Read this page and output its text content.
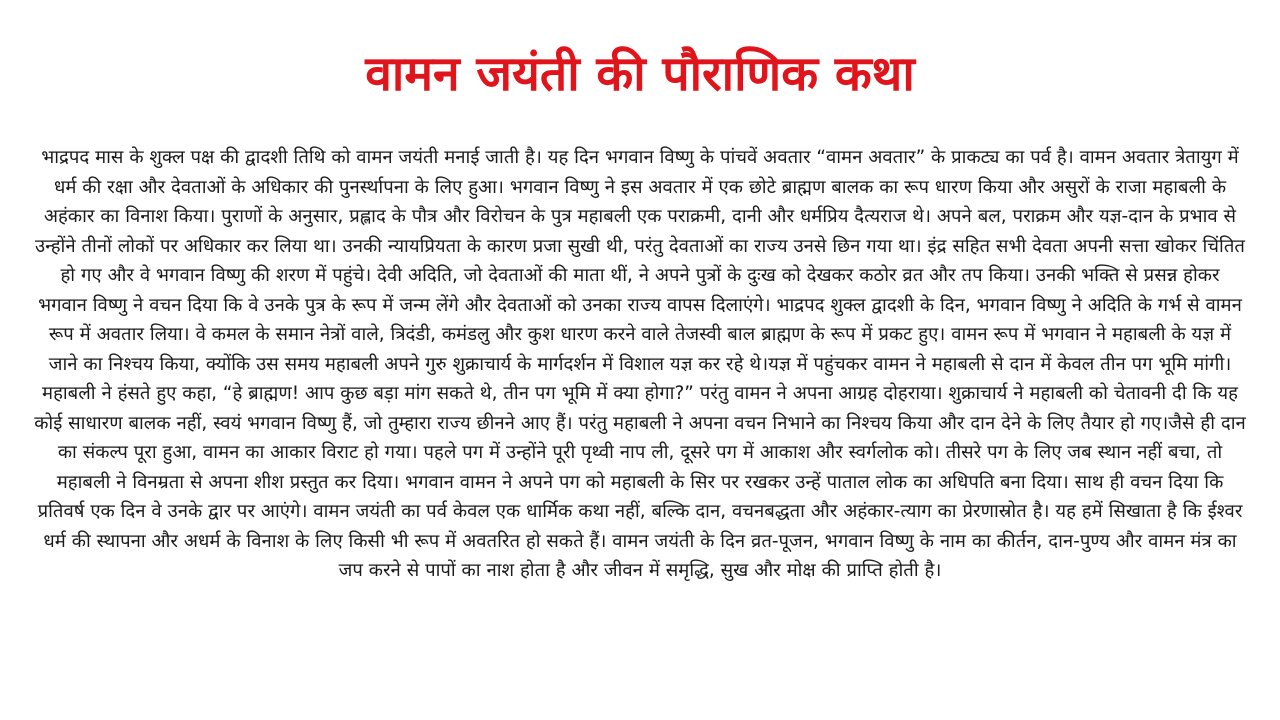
वामन जयंती की पौराणिक कथा

भाद्रपद मास के शुक्ल पक्ष की द्वादशी तिथि को वामन जयंती मनाई जाती है। यह दिन भगवान विष्णु के पांचवें अवतार “वामन अवतार” के प्राकट्य का पर्व है। वामन अवतार त्रेतायुग में धर्म की रक्षा और देवताओं के अधिकार की पुनर्स्थापना के लिए हुआ। भगवान विष्णु ने इस अवतार में एक छोटे ब्राह्मण बालक का रूप धारण किया और असुरों के राजा महाबली के अहंकार का विनाश किया। पुराणों के अनुसार, प्रह्लाद के पौत्र और विरोचन के पुत्र महाबली एक पराक्रमी, दानी और धर्मप्रिय दैत्यराज थे। अपने बल, पराक्रम और यज्ञ-दान के प्रभाव से उन्होंने तीनों लोकों पर अधिकार कर लिया था। उनकी न्यायप्रियता के कारण प्रजा सुखी थी, परंतु देवताओं का राज्य उनसे छिन गया था। इंद्र सहित सभी देवता अपनी सत्ता खोकर चिंतित हो गए और वे भगवान विष्णु की शरण में पहुंचे। देवी अदिति, जो देवताओं की माता थीं, ने अपने पुत्रों के दुःख को देखकर कठोर व्रत और तप किया। उनकी भक्ति से प्रसन्न होकर भगवान विष्णु ने वचन दिया कि वे उनके पुत्र के रूप में जन्म लेंगे और देवताओं को उनका राज्य वापस दिलाएंगे। भाद्रपद शुक्ल द्वादशी के दिन, भगवान विष्णु ने अदिति के गर्भ से वामन रूप में अवतार लिया। वे कमल के समान नेत्रों वाले, त्रिदंडी, कमंडलु और कुश धारण करने वाले तेजस्वी बाल ब्राह्मण के रूप में प्रकट हुए। वामन रूप में भगवान ने महाबली के यज्ञ में जाने का निश्चय किया, क्योंकि उस समय महाबली अपने गुरु शुक्राचार्य के मार्गदर्शन में विशाल यज्ञ कर रहे थे।यज्ञ में पहुंचकर वामन ने महाबली से दान में केवल तीन पग भूमि मांगी। महाबली ने हंसते हुए कहा, “हे ब्राह्मण! आप कुछ बड़ा मांग सकते थे, तीन पग भूमि में क्या होगा?” परंतु वामन ने अपना आग्रह दोहराया। शुक्राचार्य ने महाबली को चेतावनी दी कि यह कोई साधारण बालक नहीं, स्वयं भगवान विष्णु हैं, जो तुम्हारा राज्य छीनने आए हैं। परंतु महाबली ने अपना वचन निभाने का निश्चय किया और दान देने के लिए तैयार हो गए।जैसे ही दान का संकल्प पूरा हुआ, वामन का आकार विराट हो गया। पहले पग में उन्होंने पूरी पृथ्वी नाप ली, दूसरे पग में आकाश और स्वर्गलोक को। तीसरे पग के लिए जब स्थान नहीं बचा, तो महाबली ने विनम्रता से अपना शीश प्रस्तुत कर दिया। भगवान वामन ने अपने पग को महाबली के सिर पर रखकर उन्हें पाताल लोक का अधिपति बना दिया। साथ ही वचन दिया कि प्रतिवर्ष एक दिन वे उनके द्वार पर आएंगे। वामन जयंती का पर्व केवल एक धार्मिक कथा नहीं, बल्कि दान, वचनबद्धता और अहंकार-त्याग का प्रेरणास्रोत है। यह हमें सिखाता है कि ईश्वर धर्म की स्थापना और अधर्म के विनाश के लिए किसी भी रूप में अवतरित हो सकते हैं। वामन जयंती के दिन व्रत-पूजन, भगवान विष्णु के नाम का कीर्तन, दान-पुण्य और वामन मंत्र का जप करने से पापों का नाश होता है और जीवन में समृद्धि, सुख और मोक्ष की प्राप्ति होती है।
